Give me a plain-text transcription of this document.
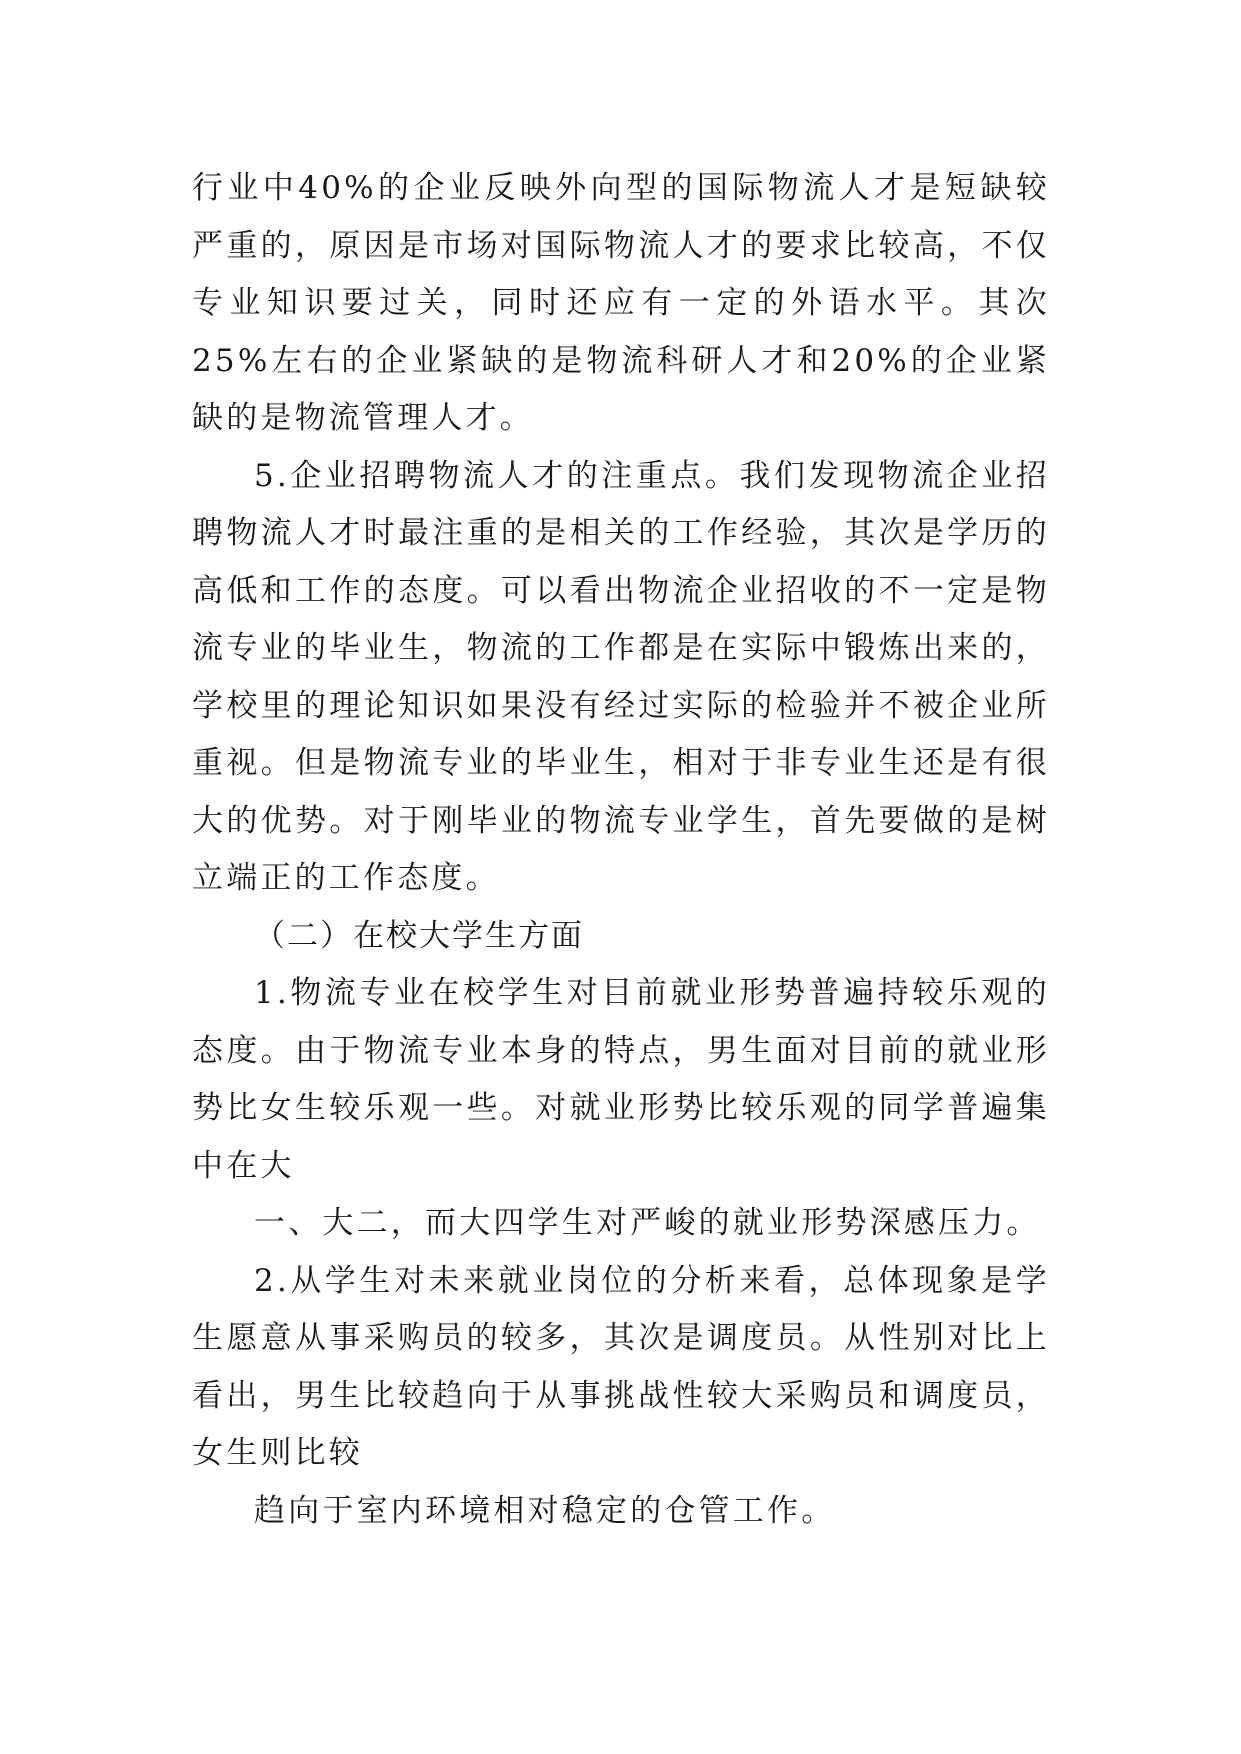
行业中40%的企业反映外向型的国际物流人才是短缺较严重的，原因是市场对国际物流人才的要求比较高，不仅专业知识要过关，同时还应有一定的外语水平。其次25%左右的企业紧缺的是物流科研人才和20%的企业紧缺的是物流管理人才。

5.企业招聘物流人才的注重点。我们发现物流企业招聘物流人才时最注重的是相关的工作经验，其次是学历的高低和工作的态度。可以看出物流企业招收的不一定是物流专业的毕业生，物流的工作都是在实际中锻炼出来的，学校里的理论知识如果没有经过实际的检验并不被企业所重视。但是物流专业的毕业生，相对于非专业生还是有很大的优势。对于刚毕业的物流专业学生，首先要做的是树立端正的工作态度。

（二）在校大学生方面

1.物流专业在校学生对目前就业形势普遍持较乐观的态度。由于物流专业本身的特点，男生面对目前的就业形势比女生较乐观一些。对就业形势比较乐观的同学普遍集中在大

一、大二，而大四学生对严峻的就业形势深感压力。

2.从学生对未来就业岗位的分析来看，总体现象是学生愿意从事采购员的较多，其次是调度员。从性别对比上看出，男生比较趋向于从事挑战性较大采购员和调度员，女生则比较

趋向于室内环境相对稳定的仓管工作。
